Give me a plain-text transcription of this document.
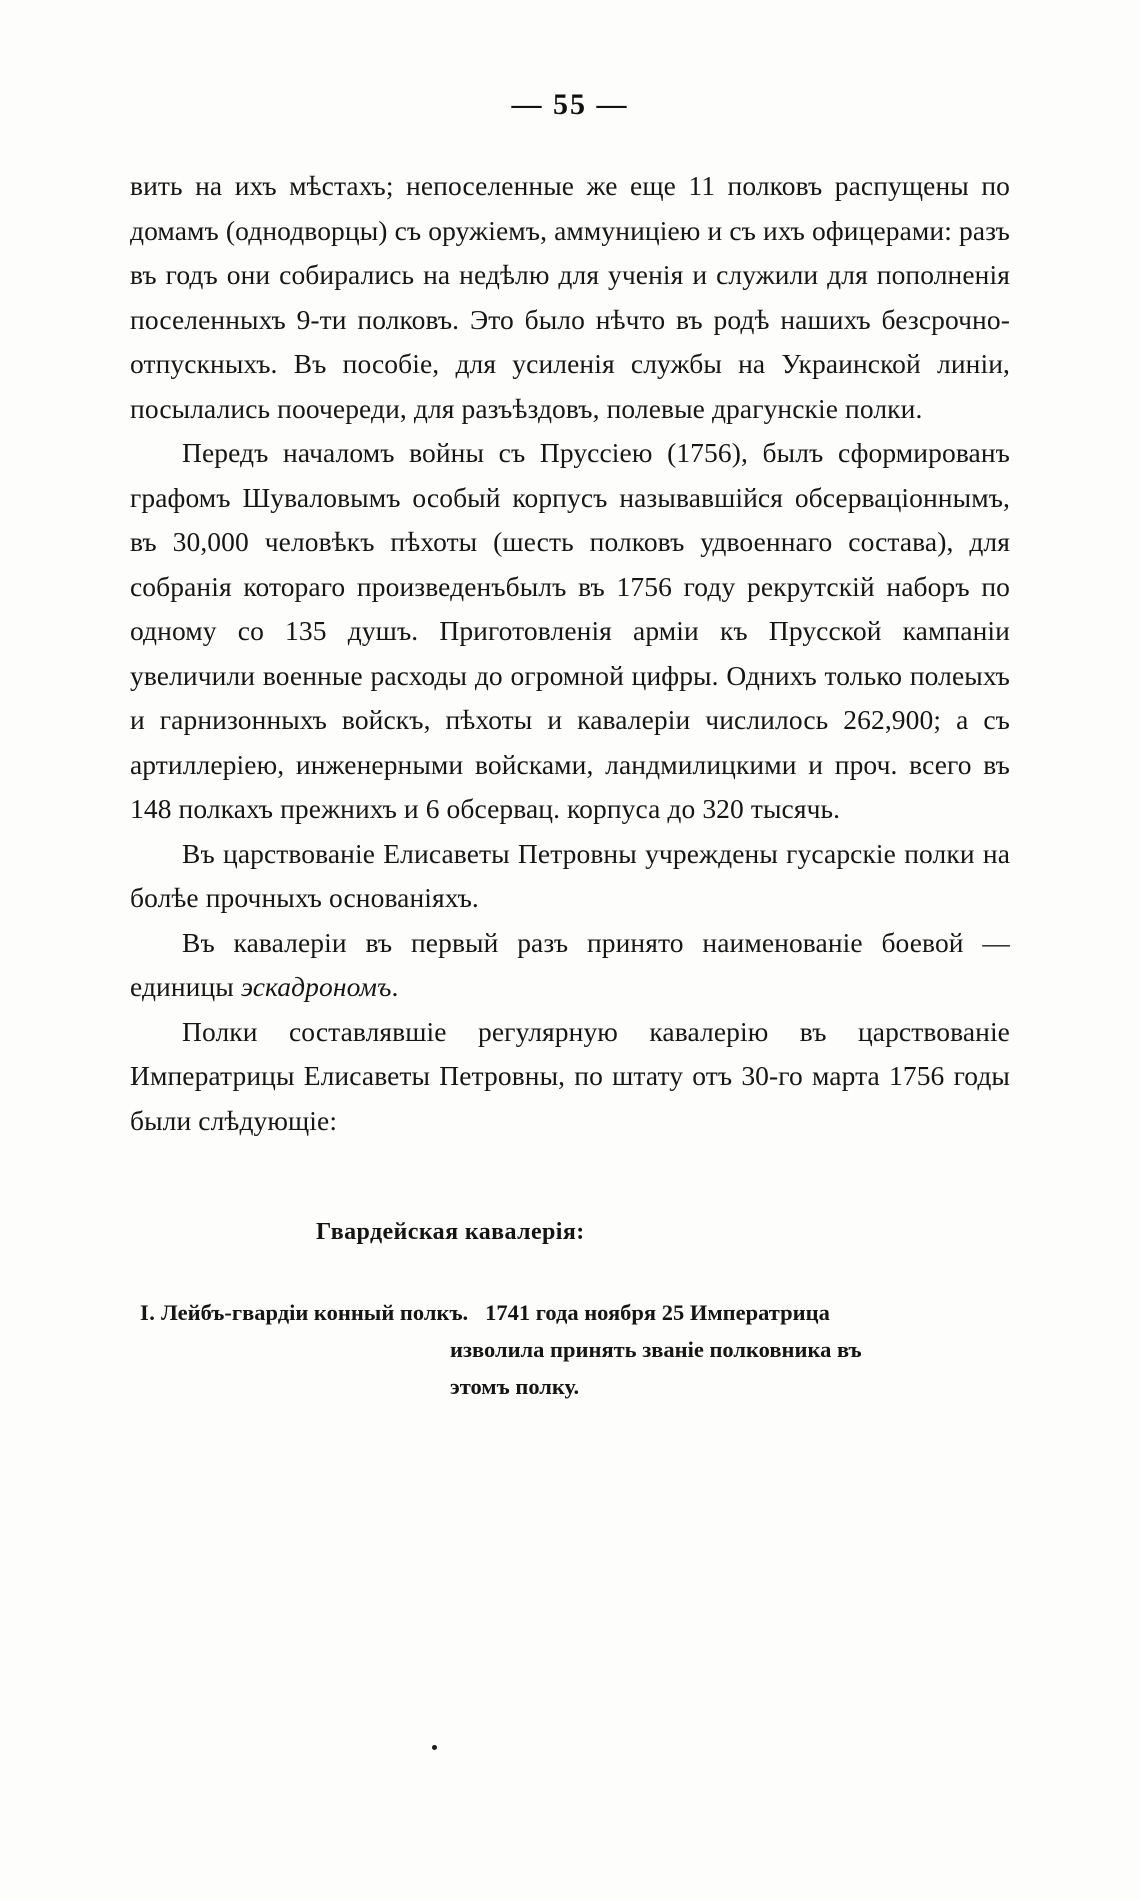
— 55 —

вить на ихъ мѣстахъ; непоселенные же еще 11 полковъ распущены по домамъ (однодворцы) съ оружіемъ, аммуниціею и съ ихъ офицерами: разъ въ годъ они собирались на недѣлю для ученія и служили для пополненія поселенныхъ 9-ти полковъ. Это было нѣчто въ родѣ нашихъ безсрочно-отпускныхъ. Въ пособіе, для усиленія службы на Украинской линіи, посылались поочереди, для разъѣздовъ, полевые драгунскіе полки.

Передъ началомъ войны съ Пруссіею (1756), былъ сформированъ графомъ Шуваловымъ особый корпусъ называвшійся обсерваціоннымъ, въ 30,000 человѣкъ пѣхоты (шесть полковъ удвоеннаго состава), для собранія котораго произведенъбылъ въ 1756 году рекрутскій наборъ по одному со 135 душъ. Приготовленія арміи къ Прусской кампаніи увеличили военные расходы до огромной цифры. Однихъ только полеыхъ и гарнизонныхъ войскъ, пѣхоты и кавалеріи числилось 262,900; а съ артиллеріею, инженерными войсками, ландмилицкими и проч. всего въ 148 полкахъ прежнихъ и 6 обсервац. корпуса до 320 тысячь.

Въ царствованіе Елисаветы Петровны учреждены гусарскіе полки на болѣе прочныхъ основаніяхъ.

Въ кавалеріи въ первый разъ принято наименованіе боевой — единицы эскадрономъ.

Полки составлявшіе регулярную кавалерію въ царствованіе Императрицы Елисаветы Петровны, по штату отъ 30-го марта 1756 годы были слѣдующіе:

Гвардейская кавалерія:
I. Лейбъ-гвардіи конный полкъ. 1741 года ноября 25 Императрица
изволила принять званіе полковника въ
этомъ полку.
